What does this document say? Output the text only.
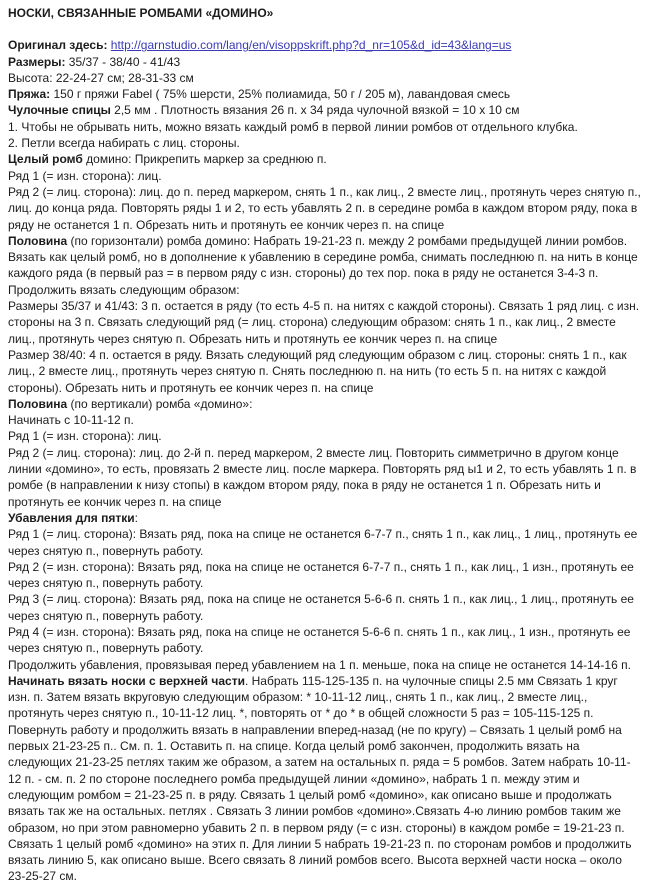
НОСКИ, СВЯЗАННЫЕ РОМБАМИ «ДОМИНО»

Оригинал здесь: http://garnstudio.com/lang/en/visoppskrift.php?d_nr=105&d_id=43&lang=us

Размеры: 35/37 - 38/40 - 41/43

Высота: 22-24-27 см; 28-31-33 см

Пряжа: 150 г пряжи Fabel ( 75% шерсти, 25% полиамида, 50 г / 205 м), лавандовая смесь

Чулочные спицы 2,5 мм . Плотность вязания 26 п. х 34 ряда чулочной вязкой = 10 х 10 см

1. Чтобы не обрывать нить, можно вязать каждый ромб в первой линии ромбов от отдельного клубка.

2. Петли всегда набирать с лиц. стороны.

Целый ромб домино: Прикрепить маркер за среднюю п.

Ряд 1 (= изн. сторона): лиц.

Ряд 2 (= лиц. сторона): лиц. до п. перед маркером, снять 1 п., как лиц., 2 вместе лиц., протянуть через снятую п., лиц. до конца ряда. Повторять ряды 1 и 2, то есть убавлять 2 п. в середине ромба в каждом втором ряду, пока в ряду не останется 1 п. Обрезать нить и протянуть ее кончик через п. на спице

Половина (по горизонтали) ромба домино: Набрать 19-21-23 п. между 2 ромбами предыдущей линии ромбов. Вязать как целый ромб, но в дополнение к убавлению в середине ромба, снимать последнюю п. на нить в конце каждого ряда (в первый раз = в первом ряду с изн. стороны) до тех пор. пока в ряду не останется 3-4-3 п. Продолжить вязать следующим образом:

Размеры 35/37 и 41/43: 3 п. остается в ряду (то есть 4-5 п. на нитях с каждой стороны). Связать 1 ряд лиц. с изн. стороны на 3 п. Связать следующий ряд (= лиц. сторона) следующим образом: снять 1 п., как лиц., 2 вместе лиц., протянуть через снятую п. Обрезать нить и протянуть ее кончик через п. на спице

Размер 38/40: 4 п. остается в ряду. Вязать следующий ряд следующим образом с лиц. стороны: снять 1 п., как лиц., 2 вместе лиц., протянуть через снятую п. Снять последнюю п. на нить (то есть 5 п. на нитях с каждой стороны). Обрезать нить и протянуть ее кончик через п. на спице

Половина (по вертикали) ромба «домино»:

Начинать с 10-11-12 п.

Ряд 1 (= изн. сторона): лиц.

Ряд 2 (= лиц. сторона): лиц. до 2-й п. перед маркером, 2 вместе лиц. Повторить симметрично в другом конце линии «домино», то есть, провязать 2 вместе лиц. после маркера. Повторять ряд ы1 и 2, то есть убавлять 1 п. в ромбе (в направлении к низу стопы) в каждом втором ряду, пока в ряду не останется 1 п. Обрезать нить и протянуть ее кончик через п. на спице

Убавления для пятки:

Ряд 1 (= лиц. сторона): Вязать ряд, пока на спице не останется 6-7-7 п., снять 1 п., как лиц., 1 лиц., протянуть ее через снятую п., повернуть работу.

Ряд 2 (= изн. сторона): Вязать ряд, пока на спице не останется 6-7-7 п., снять 1 п., как лиц., 1 изн., протянуть ее через снятую п., повернуть работу.

Ряд 3 (= лиц. сторона): Вязать ряд, пока на спице не останется 5-6-6 п. снять 1 п., как лиц., 1 лиц., протянуть ее через снятую п., повернуть работу.

Ряд 4 (= изн. сторона): Вязать ряд, пока на спице не останется 5-6-6 п. снять 1 п., как лиц., 1 изн., протянуть ее через снятую п., повернуть работу.

Продолжить убавления, провязывая перед убавлением на 1 п. меньше, пока на спице не останется 14-14-16 п.

Начинать вязать носки с верхней части. Набрать 115-125-135 п. на чулочные спицы 2.5 мм Связать 1 круг изн. п. Затем вязать вкруговую следующим образом: * 10-11-12 лиц., снять 1 п., как лиц., 2 вместе лиц., протянуть через снятую п., 10-11-12 лиц. *, повторять от * до * в общей сложности 5 раз = 105-115-125 п. Повернуть работу и продолжить вязать в направлении вперед-назад (не по кругу) – Связать 1 целый ромб на первых 21-23-25 п.. См. п. 1. Оставить п. на спице. Когда целый ромб закончен, продолжить вязать на следующих 21-23-25 петлях таким же образом, а затем на остальных п. ряда = 5 ромбов. Затем набрать 10-11-12 п. - см. п. 2 по стороне последнего ромба предыдущей линии «домино», набрать 1 п. между этим и следующим ромбом = 21-23-25 п. в ряду. Связать 1 целый ромб «домино», как описано выше и продолжать вязать так же на остальных. петлях . Связать 3 линии ромбов «домино».Связать 4-ю линию ромбов таким же образом, но при этом равномерно убавить 2 п. в первом ряду (= с изн. стороны) в каждом ромбе = 19-21-23 п. Связать 1 целый ромб «домино» на этих п. Для линии 5 набрать 19-21-23 п. по сторонам ромбов и продолжить вязать линию 5, как описано выше. Всего связать 8 линий ромбов всего. Высота верхней части носка – около 23-25-27 см.
